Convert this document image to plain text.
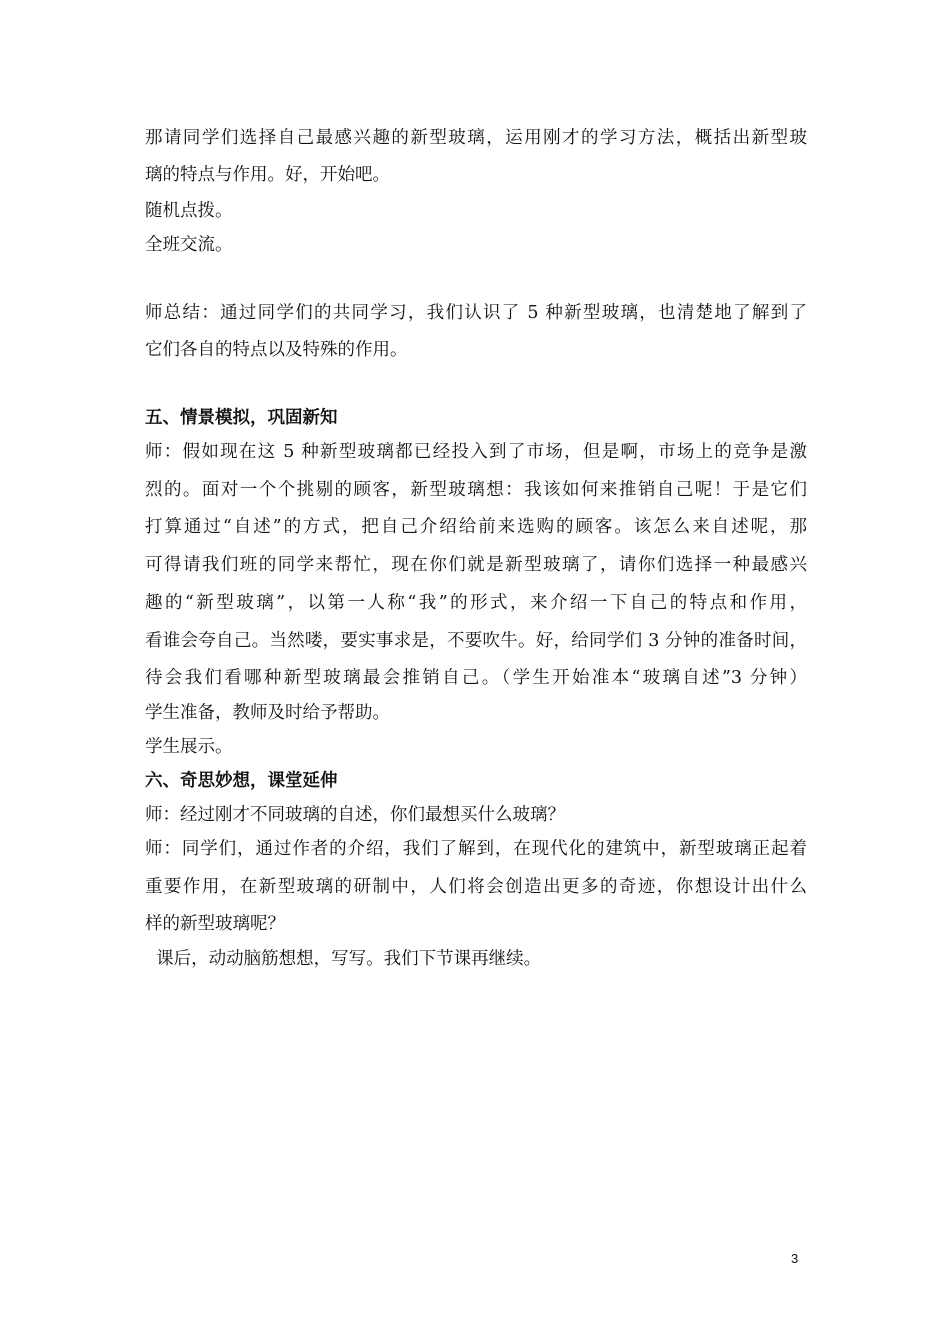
那请同学们选择自己最感兴趣的新型玻璃，运用刚才的学习方法，概括出新型玻

璃的特点与作用。好，开始吧。

随机点拨。

全班交流。

师总结：通过同学们的共同学习，我们认识了 5 种新型玻璃，也清楚地了解到了

它们各自的特点以及特殊的作用。

五、情景模拟，巩固新知

师：假如现在这 5 种新型玻璃都已经投入到了市场，但是啊，市场上的竞争是激

烈的。面对一个个挑剔的顾客，新型玻璃想：我该如何来推销自己呢！于是它们

打算通过“自述”的方式，把自己介绍给前来选购的顾客。该怎么来自述呢，那

可得请我们班的同学来帮忙，现在你们就是新型玻璃了，请你们选择一种最感兴

趣的“新型玻璃”，以第一人称“我”的形式，来介绍一下自己的特点和作用，

看谁会夸自己。当然喽，要实事求是，不要吹牛。好，给同学们 3 分钟的准备时间，

待会我们看哪种新型玻璃最会推销自己。（学生开始准本“玻璃自述”3 分钟）

学生准备，教师及时给予帮助。

学生展示。

六、奇思妙想，课堂延伸

师：经过刚才不同玻璃的自述，你们最想买什么玻璃？

师：同学们，通过作者的介绍，我们了解到，在现代化的建筑中，新型玻璃正起着

重要作用，在新型玻璃的研制中，人们将会创造出更多的奇迹，你想设计出什么

样的新型玻璃呢？

课后，动动脑筋想想，写写。我们下节课再继续。

3
